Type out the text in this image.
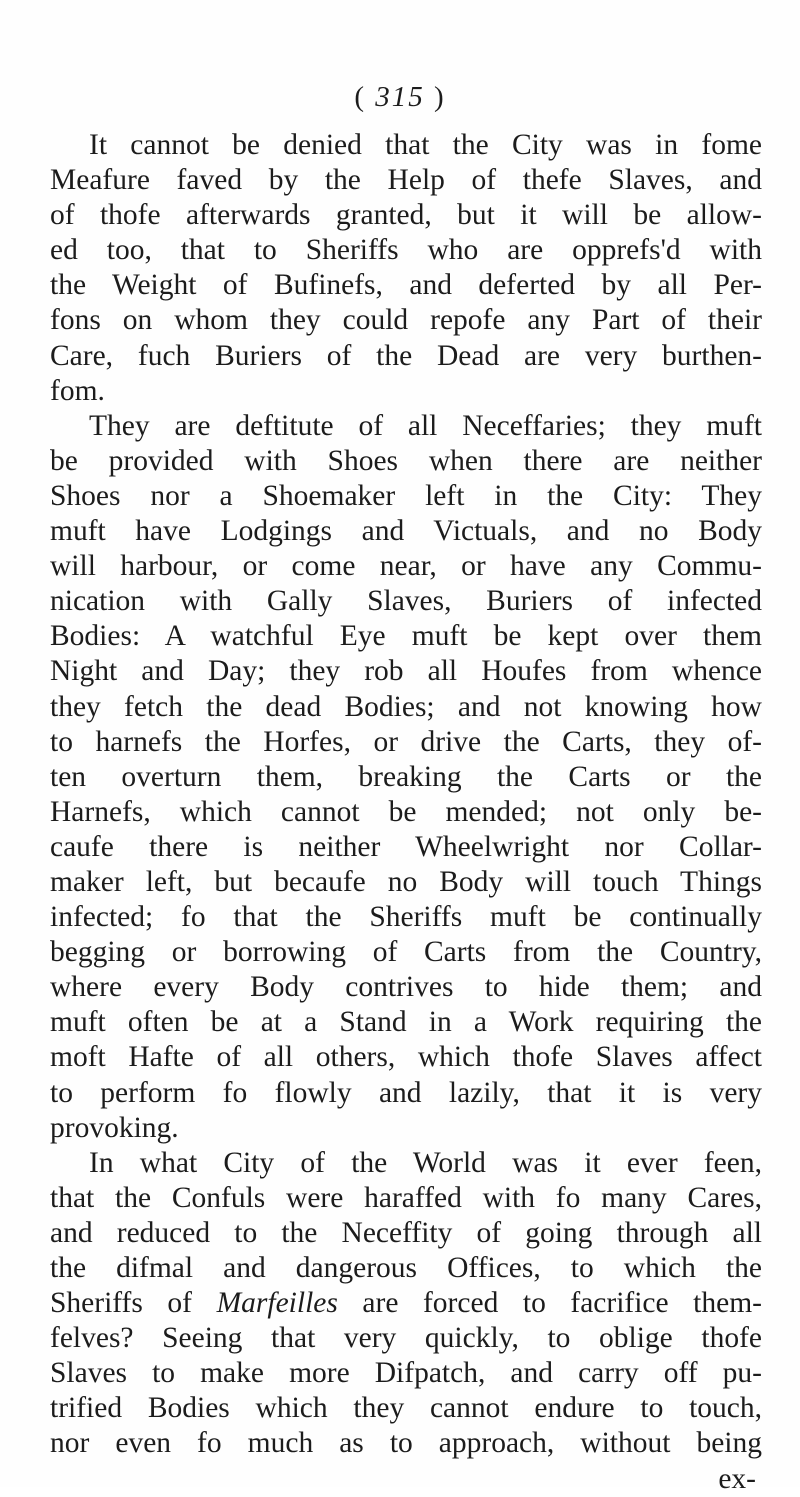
( 315 )
It cannot be denied that the City was in fome
Meafure faved by the Help of thefe Slaves, and
of thofe afterwards granted, but it will be allow-
ed too, that to Sheriffs who are opprefs'd with
the Weight of Bufinefs, and deferted by all Per-
fons on whom they could repofe any Part of their
Care, fuch Buriers of the Dead are very burthen-
fom.
They are deftitute of all Neceffaries; they muft
be provided with Shoes when there are neither
Shoes nor a Shoemaker left in the City: They
muft have Lodgings and Victuals, and no Body
will harbour, or come near, or have any Commu-
nication with Gally Slaves, Buriers of infected
Bodies: A watchful Eye muft be kept over them
Night and Day; they rob all Houfes from whence
they fetch the dead Bodies; and not knowing how
to harnefs the Horfes, or drive the Carts, they of-
ten overturn them, breaking the Carts or the
Harnefs, which cannot be mended; not only be-
caufe there is neither Wheelwright nor Collar-
maker left, but becaufe no Body will touch Things
infected; fo that the Sheriffs muft be continually
begging or borrowing of Carts from the Country,
where every Body contrives to hide them; and
muft often be at a Stand in a Work requiring the
moft Hafte of all others, which thofe Slaves affect
to perform fo flowly and lazily, that it is very
provoking.
In what City of the World was it ever feen,
that the Confuls were haraffed with fo many Cares,
and reduced to the Neceffity of going through all
the difmal and dangerous Offices, to which the
Sheriffs of Marfeilles are forced to facrifice them-
felves? Seeing that very quickly, to oblige thofe
Slaves to make more Difpatch, and carry off pu-
trified Bodies which they cannot endure to touch,
nor even fo much as to approach, without being
ex-
